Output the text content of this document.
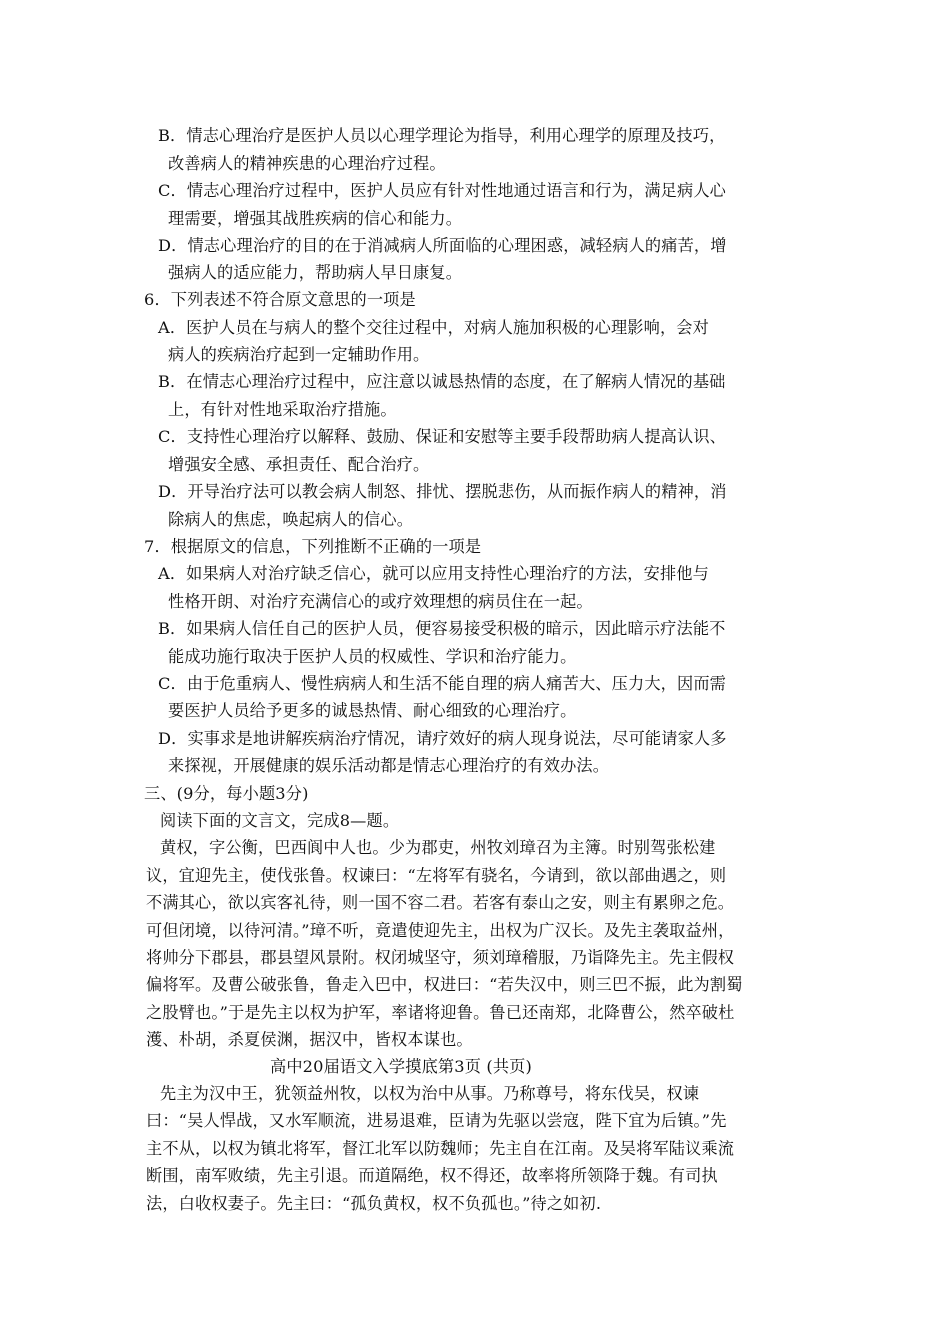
B．情志心理治疗是医护人员以心理学理论为指导，利用心理学的原理及技巧，
改善病人的精神疾患的心理治疗过程。
C．情志心理治疗过程中，医护人员应有针对性地通过语言和行为，满足病人心
理需要，增强其战胜疾病的信心和能力。
D．情志心理治疗的目的在于消减病人所面临的心理困惑，减轻病人的痛苦，增
强病人的适应能力，帮助病人早日康复。
6．下列表述不符合原文意思的一项是
A．医护人员在与病人的整个交往过程中，对病人施加积极的心理影响，会对
病人的疾病治疗起到一定辅助作用。
B．在情志心理治疗过程中，应注意以诚恳热情的态度，在了解病人情况的基础
上，有针对性地采取治疗措施。
C．支持性心理治疗以解释、鼓励、保证和安慰等主要手段帮助病人提高认识、
增强安全感、承担责任、配合治疗。
D．开导治疗法可以教会病人制怒、排忧、摆脱悲伤，从而振作病人的精神，消
除病人的焦虑，唤起病人的信心。
7．根据原文的信息，下列推断不正确的一项是
A．如果病人对治疗缺乏信心，就可以应用支持性心理治疗的方法，安排他与
性格开朗、对治疗充满信心的或疗效理想的病员住在一起。
B．如果病人信任自己的医护人员，便容易接受积极的暗示，因此暗示疗法能不
能成功施行取决于医护人员的权威性、学识和治疗能力。
C．由于危重病人、慢性病病人和生活不能自理的病人痛苦大、压力大，因而需
要医护人员给予更多的诚恳热情、耐心细致的心理治疗。
D．实事求是地讲解疾病治疗情况，请疗效好的病人现身说法，尽可能请家人多
来探视，开展健康的娱乐活动都是情志心理治疗的有效办法。
三、(9分，每小题3分)
阅读下面的文言文，完成8—题。
黄权，字公衡，巴西阆中人也。少为郡吏，州牧刘璋召为主簿。时别驾张松建
议，宜迎先主，使伐张鲁。权谏曰：“左将军有骁名，今请到，欲以部曲遇之，则
不满其心，欲以宾客礼待，则一国不容二君。若客有泰山之安，则主有累卵之危。
可但闭境，以待河清。”璋不听，竟遣使迎先主，出权为广汉长。及先主袭取益州，
将帅分下郡县，郡县望风景附。权闭城坚守，须刘璋稽服，乃诣降先主。先主假权
偏将军。及曹公破张鲁，鲁走入巴中，权进曰：“若失汉中，则三巴不振，此为割蜀
之股臂也。”于是先主以权为护军，率诸将迎鲁。鲁已还南郑，北降曹公，然卒破杜
濩、朴胡，杀夏侯渊，据汉中，皆权本谋也。
高中20届语文入学摸底第3页 (共页)
先主为汉中王，犹领益州牧，以权为治中从事。乃称尊号，将东伐吴，权谏
曰：“吴人悍战，又水军顺流，进易退难，臣请为先驱以尝寇，陛下宜为后镇。”先
主不从，以权为镇北将军，督江北军以防魏师；先主自在江南。及吴将军陆议乘流
断围，南军败绩，先主引退。而道隔绝，权不得还，故率将所领降于魏。有司执
法，白收权妻子。先主曰：“孤负黄权，权不负孤也。”待之如初.
